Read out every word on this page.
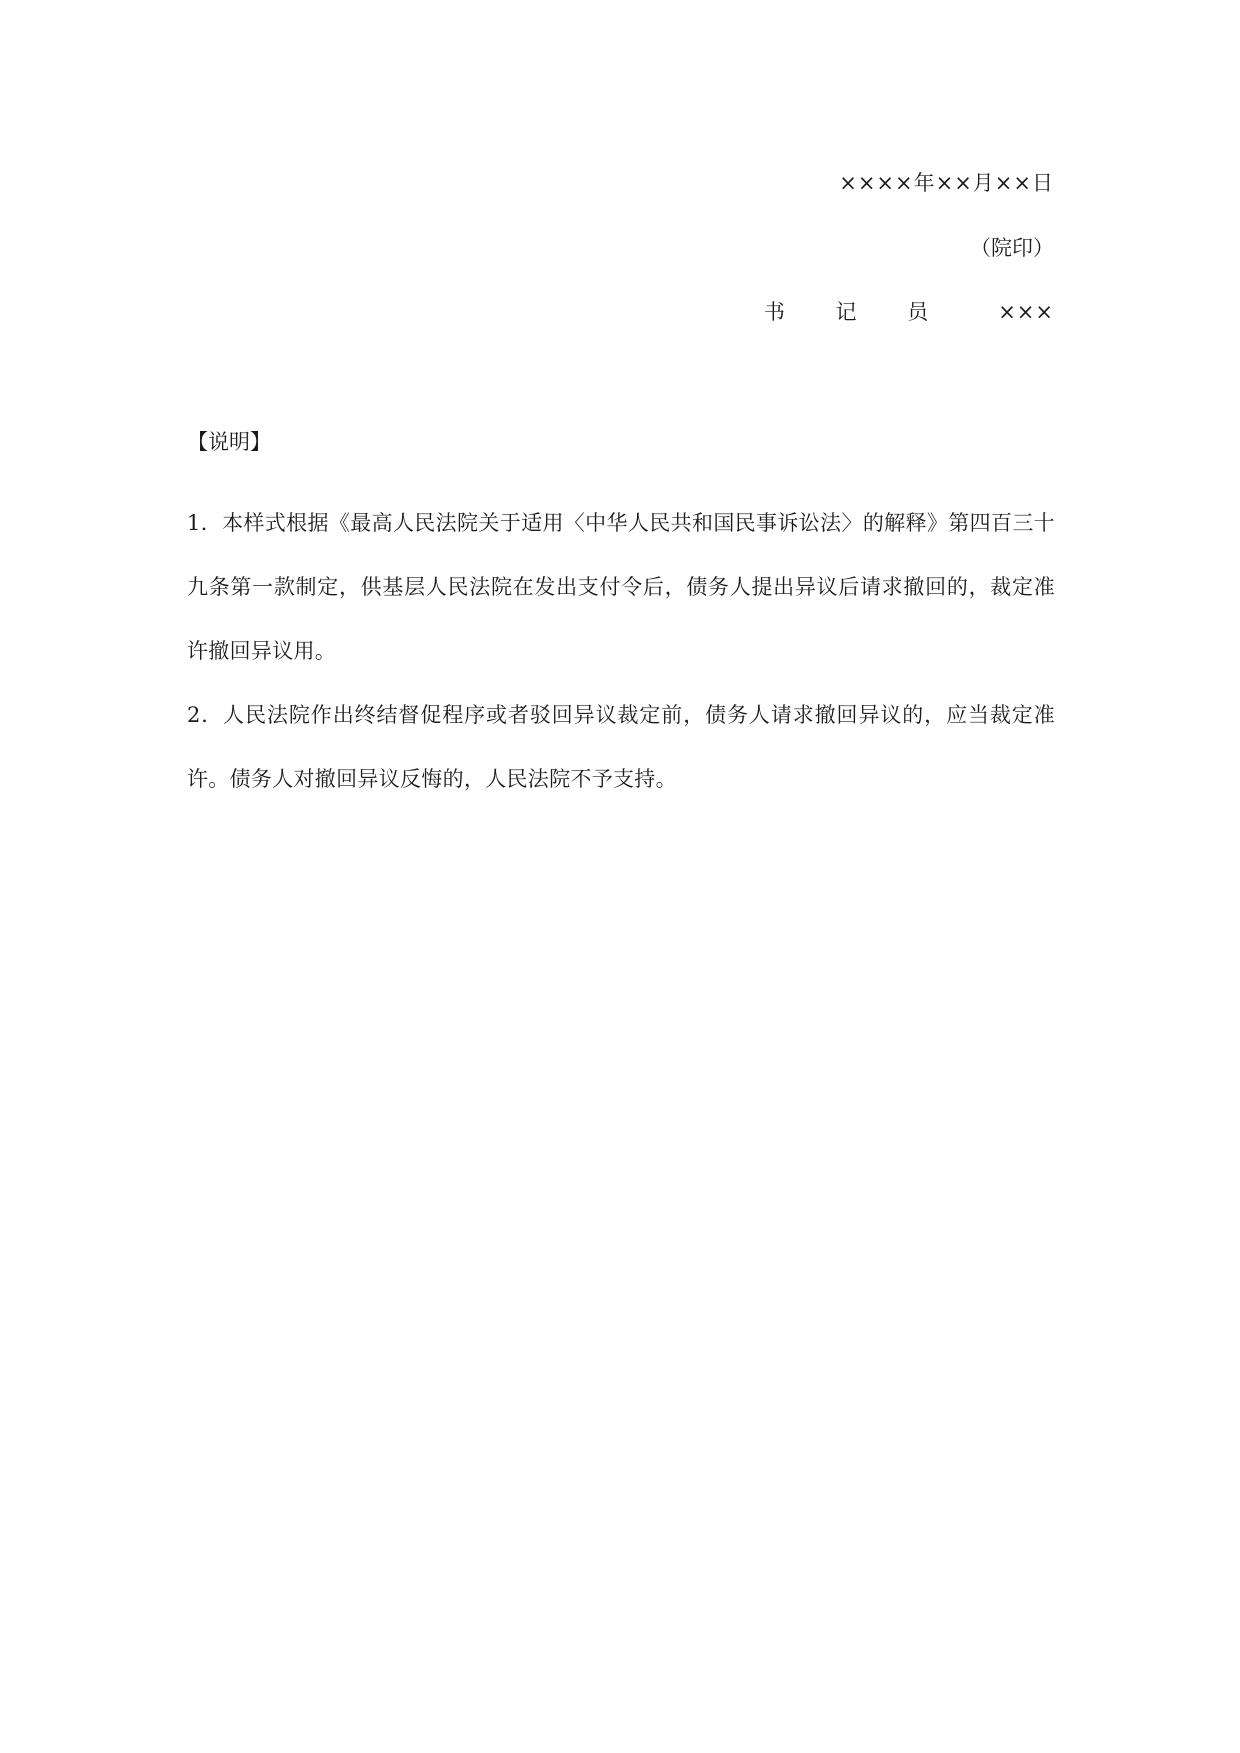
××××年××月××日
（院印）
书 记 员	×××

【说明】

1．本样式根据《最高人民法院关于适用〈中华人民共和国民事诉讼法〉的解释》第四百三十九条第一款制定，供基层人民法院在发出支付令后，债务人提出异议后请求撤回的，裁定准许撤回异议用。

2．人民法院作出终结督促程序或者驳回异议裁定前，债务人请求撤回异议的，应当裁定准许。债务人对撤回异议反悔的，人民法院不予支持。
